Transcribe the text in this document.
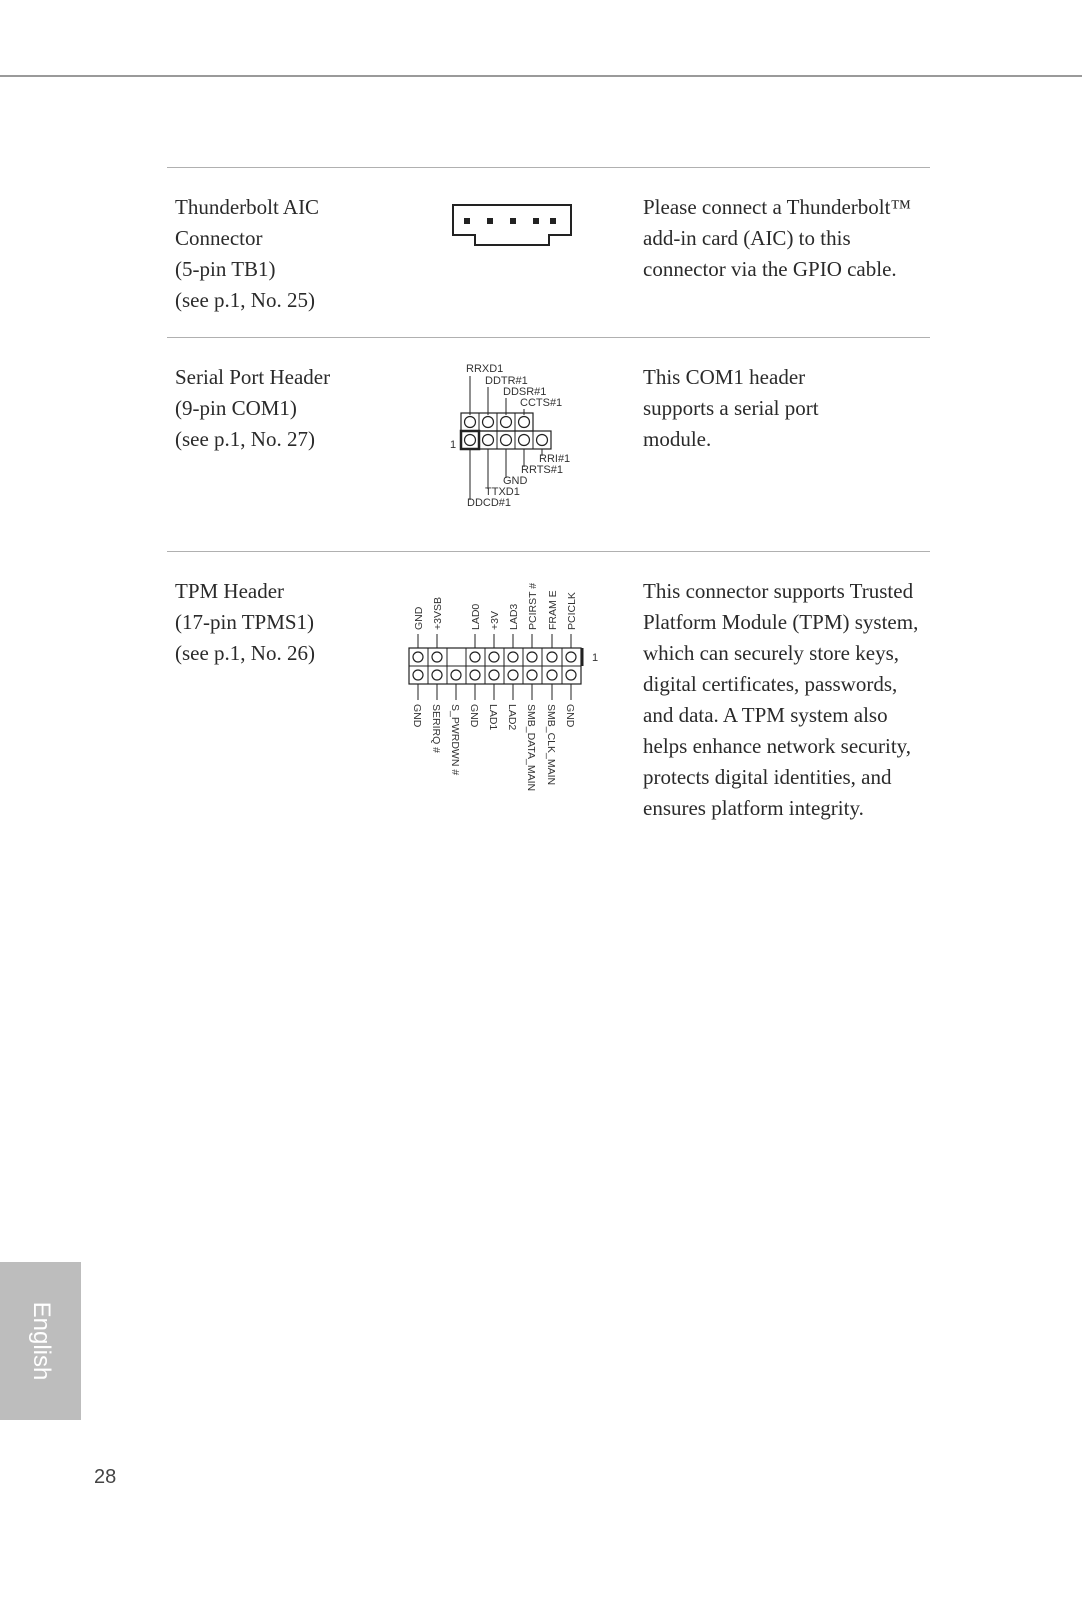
Thunderbolt AIC
Connector
(5-pin TB1)
(see p.1, No. 25)
Please connect a Thunderbolt™
add-in card (AIC) to this
connector via the GPIO cable.
Serial Port Header
(9-pin COM1)
(see p.1, No. 27)
RRXD1
DDTR#1
DDSR#1
CCTS#1
1
RRI#1
RRTS#1
GND
TTXD1
DDCD#1
This COM1 header
supports a serial port
module.
TPM Header
(17-pin TPMS1)
(see p.1, No. 26)
GND +3VSB LAD0 +3V LAD3 PCIRST # FRAM E PCICLK
1
GND SERIRQ # S_PWRDWN # GND LAD1 LAD2 SMB_DATA_MAIN SMB_CLK_MAIN GND
This connector supports Trusted
Platform Module (TPM) system,
which can securely store keys,
digital certificates, passwords,
and data. A TPM system also
helps enhance network security,
protects digital identities, and
ensures platform integrity.
English
28
